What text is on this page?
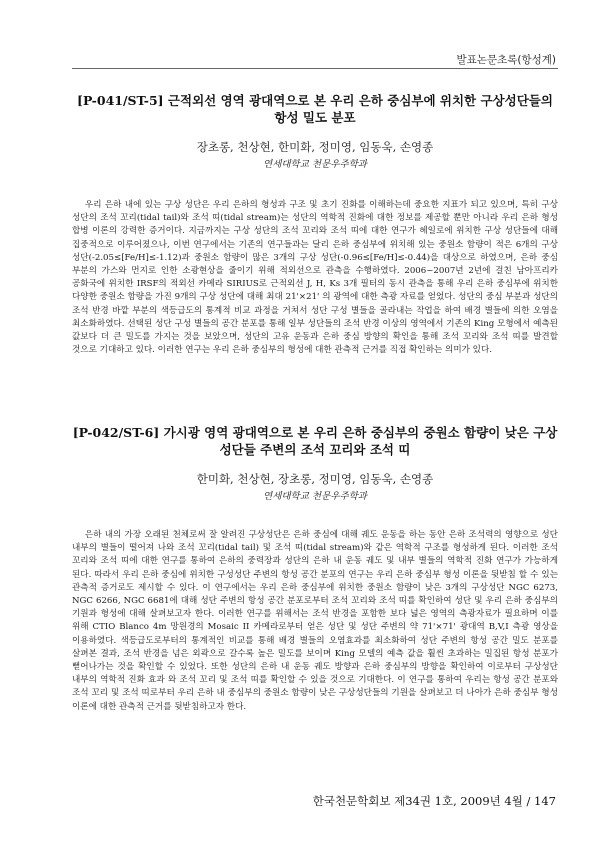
발표논문초록(항성계)
[P-041/ST-5] 근적외선 영역 광대역으로 본 우리 은하 중심부에 위치한 구상성단들의 항성 밀도 분포
장초롱, 천상현, 한미화, 정미영, 임동욱, 손영종
연세대학교 천문우주학과
우리 은하 내에 있는 구상 성단은 우리 은하의 형성과 구조 및 초기 진화를 이해하는데 중요한 지표가 되고 있으며, 특히 구상 성단의 조석 꼬리(tidal tail)와 조석 띠(tidal stream)는 성단의 역학적 진화에 대한 정보를 제공할 뿐만 아니라 우리 은하 형성 합병 이론의 강력한 증거이다. 지금까지는 구상 성단의 조석 꼬리와 조석 띠에 대한 연구가 헤일로에 위치한 구상 성단들에 대해 집중적으로 이루어졌으나, 이번 연구에서는 기존의 연구들과는 달리 은하 중심부에 위치해 있는 중원소 함량이 적은 6개의 구상 성단(-2.05≤[Fe/H]≤-1.12)과 중원소 함량이 많은 3개의 구상 성단(-0.96≤[Fe/H]≤-0.44)을 대상으로 하였으며, 은하 중심 부분의 가스와 먼지로 인한 소광현상을 줄이기 위해 적외선으로 관측을 수행하였다. 2006~2007년 2년에 걸친 남아프리카 공화국에 위치한 IRSF의 적외선 카메라 SIRIUS로 근적외선 J, H, Ks 3개 필터의 동시 관측을 통해 우리 은하 중심부에 위치한 다양한 중원소 함량을 가진 9개의 구상 성단에 대해 최대 21'×21' 의 광역에 대한 측광 자료를 얻었다. 성단의 중심 부분과 성단의 조석 반경 바깥 부분의 색등급도의 통계적 비교 과정을 거쳐서 성단 구성 별들을 골라내는 작업을 하여 배경 별들에 의한 오염을 최소화하였다. 선택된 성단 구성 별들의 공간 분포를 통해 일부 성단들의 조석 반경 이상의 영역에서 기존의 King 모형에서 예측된 값보다 더 큰 밀도를 가지는 것을 보았으며, 성단의 고유 운동과 은하 중심 방향의 확인을 통해 조석 꼬리와 조석 띠를 발견할 것으로 기대하고 있다. 이러한 연구는 우리 은하 중심부의 형성에 대한 관측적 근거를 직접 확인하는 의미가 있다.
[P-042/ST-6] 가시광 영역 광대역으로 본 우리 은하 중심부의 중원소 함량이 낮은 구상성단들 주변의 조석 꼬리와 조석 띠
한미화, 천상현, 장초롱, 정미영, 임동욱, 손영종
연세대학교 천문우주학과
은하 내의 가장 오래된 천체로써 잘 알려진 구상성단은 은하 중심에 대해 궤도 운동을 하는 동안 은하 조석력의 영향으로 성단 내부의 별들이 떨어져 나와 조석 꼬리(tidal tail) 및 조석 띠(tidal stream)와 같은 역학적 구조를 형성하게 된다. 이러한 조석 꼬리와 조석 띠에 대한 연구를 통하여 은하의 중력장과 성단의 은하 내 운동 궤도 및 내부 별들의 역학적 진화 연구가 가능하게 된다. 따라서 우리 은하 중심에 위치한 구성성단 주변의 항성 공간 분포의 연구는 우리 은하 중심부 형성 이론을 뒷받침 할 수 있는 관측적 증거로도 제시할 수 있다. 이 연구에서는 우리 은하 중심부에 위치한 중원소 함량이 낮은 3개의 구상성단 NGC 6273, NGC 6266, NGC 6681에 대해 성단 주변의 항성 공간 분포로부터 조석 꼬리와 조석 띠를 확인하여 성단 및 우리 은하 중심부의 기원과 형성에 대해 살펴보고자 한다. 이러한 연구를 위해서는 조석 반경을 포함한 보다 넓은 영역의 측광자료가 필요하며 이를 위해 CTIO Blanco 4m 망원경의 Mosaic II 카메라로부터 얻은 성단 및 성단 주변의 약 71'×71' 광대역 B,V,I 측광 영상을 이용하였다. 색등급도로부터의 통계적인 비교를 통해 배경 별들의 오염효과를 최소화하여 성단 주변의 항성 공간 밀도 분포를 살펴본 결과, 조석 반경을 넘은 외곽으로 갈수록 높은 밀도를 보이며 King 모델의 예측 값을 훨씬 초과하는 밀집된 항성 분포가 뻗어나가는 것을 확인할 수 있었다. 또한 성단의 은하 내 운동 궤도 방향과 은하 중심부의 방향을 확인하여 이로부터 구상성단 내부의 역학적 진화 효과 와 조석 꼬리 및 조석 띠를 확인할 수 있을 것으로 기대한다. 이 연구를 통하여 우리는 항성 공간 분포와 조석 꼬리 및 조석 띠로부터 우리 은하 내 중심부의 중원소 함량이 낮은 구상성단들의 기원을 살펴보고 더 나아가 은하 중심부 형성 이론에 대한 관측적 근거를 뒷받침하고자 한다.
한국천문학회보 제34권 1호, 2009년 4월 / 147
